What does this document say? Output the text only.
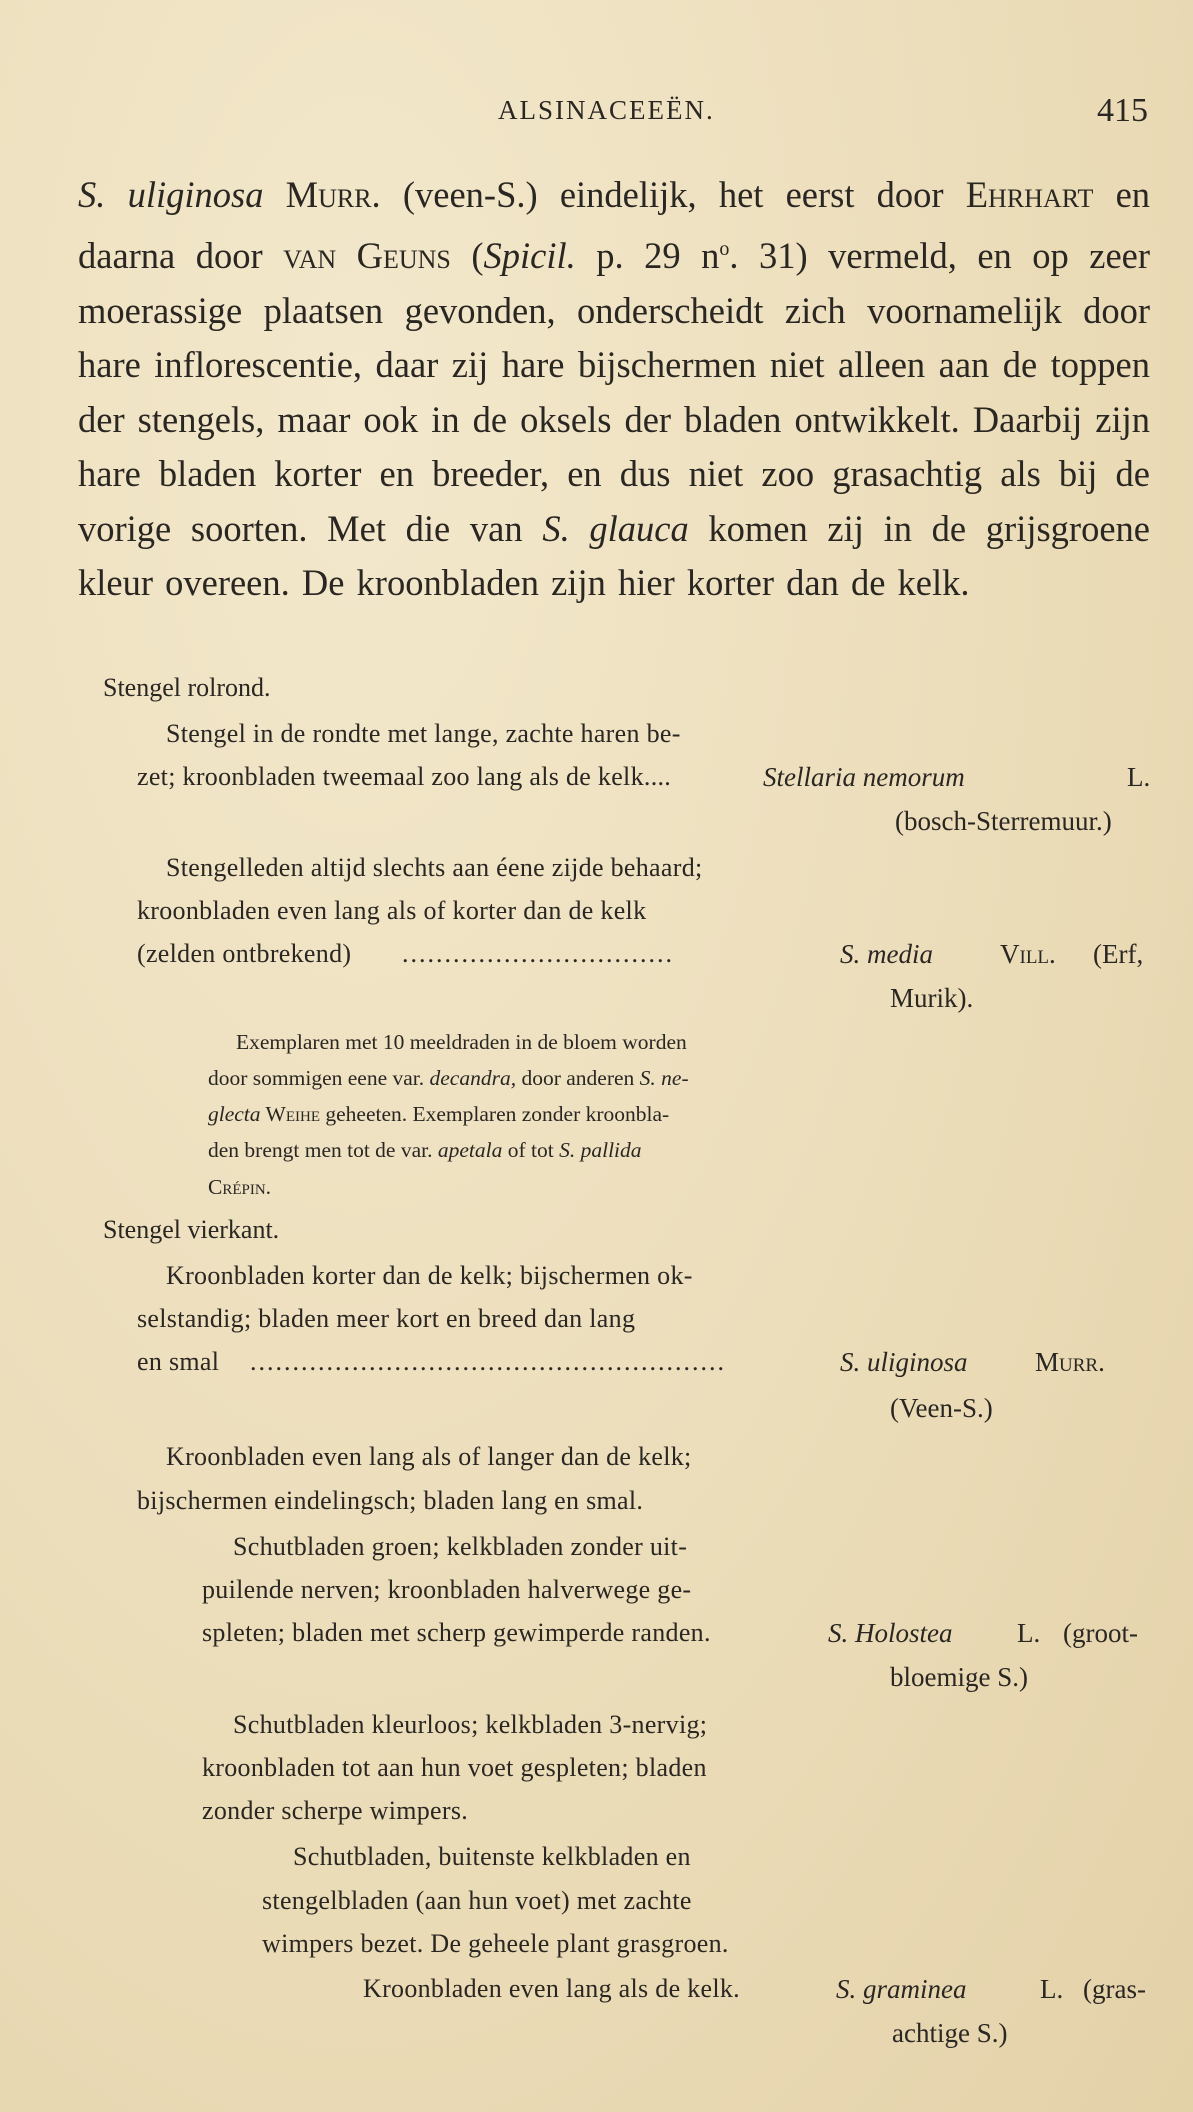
ALSINACEEËN.	415
S. uliginosa Murr. (veen-S.) eindelijk, het eerst door Ehrhart en daarna door van Geuns (Spicil. p. 29 $n^o$. 31) vermeld, en op zeer moerassige plaatsen gevonden, onderscheidt zich voornamelijk door hare inflorescentie, daar zij hare bijschermen niet alleen aan de toppen der stengels, maar ook in de oksels der bladen ontwikkelt. Daarbij zijn hare bladen korter en breeder, en dus niet zoo grasachtig als bij de vorige soorten. Met die van S. glauca komen zij in de grijsgroene kleur overeen. De kroonbladen zijn hier korter dan de kelk.
Stengel rolrond.
Stengel in de rondte met lange, zachte haren be-
zet; kroonbladen tweemaal zoo lang als de kelk....	Stellaria nemorum	L.
(bosch-Sterremuur.)
Stengelleden altijd slechts aan éene zijde behaard;
kroonbladen even lang als of korter dan de kelk
(zelden ontbrekend) ................................	S. media Vill. (Erf,
Murik).
Exemplaren met 10 meeldraden in de bloem worden
door sommigen eene var. decandra, door anderen S. ne-
glecta Weihe geheeten. Exemplaren zonder kroonbla-
den brengt men tot de var. apetala of tot S. pallida
Crépin.
Stengel vierkant.
Kroonbladen korter dan de kelk; bijschermen ok-
selstandig; bladen meer kort en breed dan lang
en smal ........................................................	S. uliginosa Murr.
(Veen-S.)
Kroonbladen even lang als of langer dan de kelk;
bijschermen eindelingsch; bladen lang en smal.
Schutbladen groen; kelkbladen zonder uit-
puilende nerven; kroonbladen halverwege ge-
spleten; bladen met scherp gewimperde randen.	S. Holostea L. (groot-
bloemige S.)
Schutbladen kleurloos; kelkbladen 3-nervig;
kroonbladen tot aan hun voet gespleten; bladen
zonder scherpe wimpers.
Schutbladen, buitenste kelkbladen en
stengelbladen (aan hun voet) met zachte
wimpers bezet. De geheele plant grasgroen.
Kroonbladen even lang als de kelk.	S. graminea	L. (gras-
achtige S.)
